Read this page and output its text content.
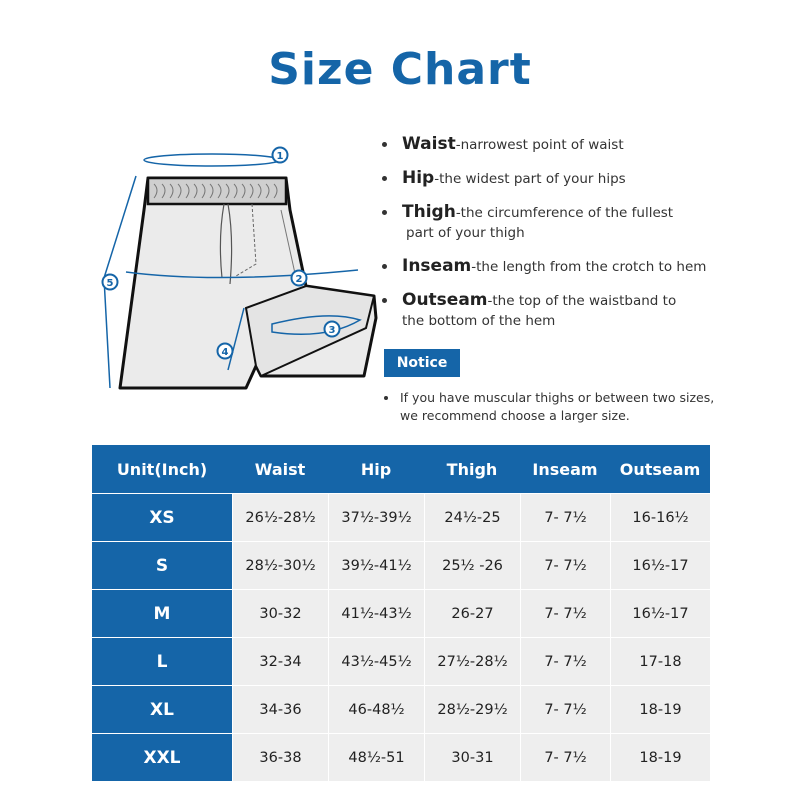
Size Chart
1
2
3
4
5
Waist-narrowest point of waist
Hip-the widest part of your hips
Thigh-the circumference of the fullest
part of your thigh
Inseam-the length from the crotch to hem
Outseam-the top of the waistband to
the bottom of the hem
Notice
If you have muscular thighs or between two sizes,
we recommend choose a larger size.
Unit(Inch)	Waist	Hip	Thigh	Inseam	Outseam
XS	26½-28½	37½-39½	24½-25	7- 7½	16-16½
S	28½-30½	39½-41½	25½ -26	7- 7½	16½-17
M	30-32	41½-43½	26-27	7- 7½	16½-17
L	32-34	43½-45½	27½-28½	7- 7½	17-18
XL	34-36	46-48½	28½-29½	7- 7½	18-19
XXL	36-38	48½-51	30-31	7- 7½	18-19
